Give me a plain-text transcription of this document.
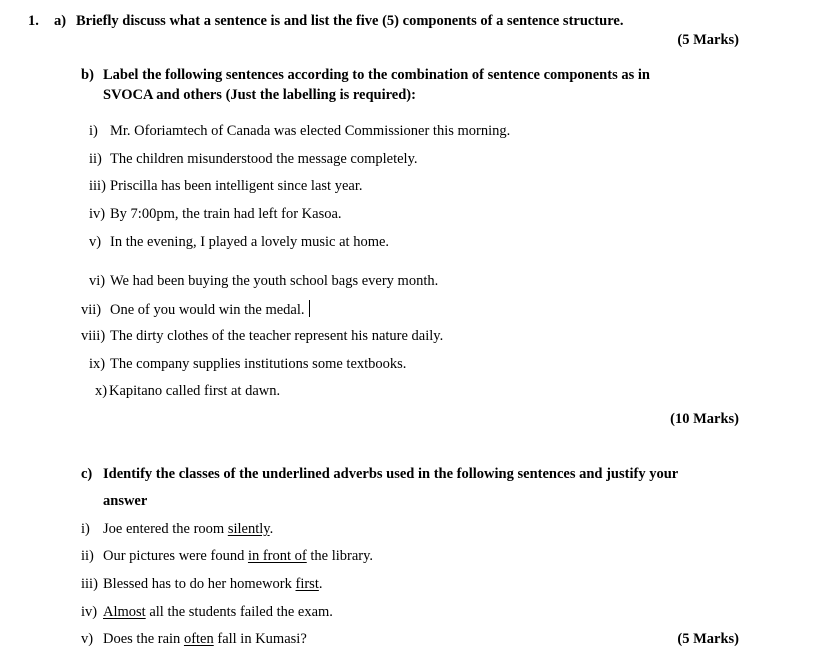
1. a) Briefly discuss what a sentence is and list the five (5) components of a sentence structure.
(5 Marks)
b) Label the following sentences according to the combination of sentence components as in
SVOCA and others (Just the labelling is required):
i) Mr. Oforiamtech of Canada was elected Commissioner this morning.
ii) The children misunderstood the message completely.
iii) Priscilla has been intelligent since last year.
iv) By 7:00pm, the train had left for Kasoa.
v) In the evening, I played a lovely music at home.
vi) We had been buying the youth school bags every month.
vii) One of you would win the medal.
viii) The dirty clothes of the teacher represent his nature daily.
ix) The company supplies institutions some textbooks.
x) Kapitano called first at dawn.
(10 Marks)
c) Identify the classes of the underlined adverbs used in the following sentences and justify your
answer
i) Joe entered the room silently.
ii) Our pictures were found in front of the library.
iii) Blessed has to do her homework first.
iv) Almost all the students failed the exam.
v) Does the rain often fall in Kumasi?	(5 Marks)
